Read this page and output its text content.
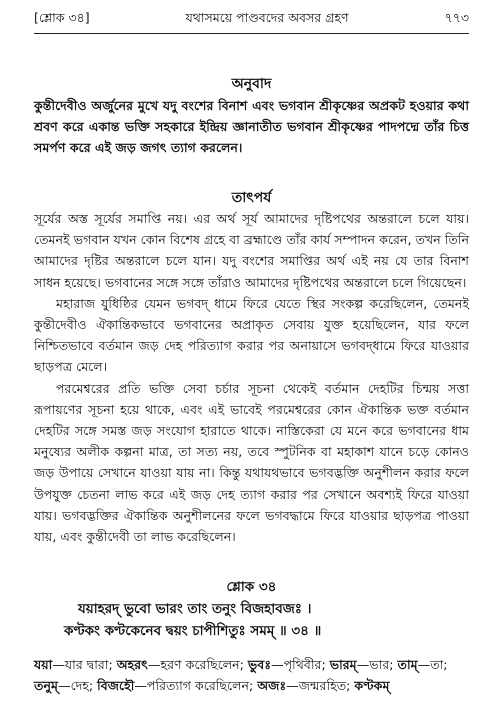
[শ্লোক ৩৪]	যথাসময়ে পাণ্ডবদের অবসর গ্রহণ	৭৭৩
অনুবাদ
কুন্তীদেবীও অর্জুনের মুখে যদু বংশের বিনাশ এবং ভগবান শ্রীকৃষ্ণের অপ্রকট হওয়ার কথা শ্রবণ করে একান্ত ভক্তি সহকারে ইন্দ্রিয় জ্ঞানাতীত ভগবান শ্রীকৃষ্ণের পাদপদ্মে তাঁর চিত্ত সমর্পণ করে এই জড় জগৎ ত্যাগ করলেন।
তাৎপর্য

সূর্যের অস্ত সূর্যের সমাপ্তি নয়। এর অর্থ সূর্য আমাদের দৃষ্টিপথের অন্তরালে চলে যায়। তেমনই ভগবান যখন কোন বিশেষ গ্রহে বা ব্রহ্মাণ্ডে তাঁর কার্য সম্পাদন করেন, তখন তিনি আমাদের দৃষ্টির অন্তরালে চলে যান। যদু বংশের সমাপ্তির অর্থ এই নয় যে তার বিনাশ সাধন হয়েছে। ভগবানের সঙ্গে সঙ্গে তাঁরাও আমাদের দৃষ্টিপথের অন্তরালে চলে গিয়েছেন।

মহারাজ যুধিষ্ঠির যেমন ভগবদ্ ধামে ফিরে যেতে স্থির সংকল্প করেছিলেন, তেমনই কুন্তীদেবীও ঐকান্তিকভাবে ভগবানের অপ্রাকৃত সেবায় যুক্ত হয়েছিলেন, যার ফলে নিশ্চিতভাবে বর্তমান জড় দেহ পরিত্যাগ করার পর অনায়াসে ভগবদ্‌ধামে ফিরে যাওয়ার ছাড়পত্র মেলে।

পরমেশ্বরের প্রতি ভক্তি সেবা চর্চার সূচনা থেকেই বর্তমান দেহটির চিন্ময় সত্তা রূপায়ণের সূচনা হয়ে থাকে, এবং এই ভাবেই পরমেশ্বরের কোন ঐকান্তিক ভক্ত বর্তমান দেহটির সঙ্গে সমস্ত জড় সংযোগ হারাতে থাকে। নাস্তিকেরা যে মনে করে ভগবানের ধাম মনুষ্যের অলীক কল্পনা মাত্র, তা সত্য নয়, তবে স্পুটনিক বা মহাকাশ যানে চড়ে কোনও জড় উপায়ে সেখানে যাওয়া যায় না। কিন্তু যথাযথভাবে ভগবদ্ভক্তি অনুশীলন করার ফলে উপযুক্ত চেতনা লাভ করে এই জড় দেহ ত্যাগ করার পর সেখানে অবশ্যই ফিরে যাওয়া যায়। ভগবদ্ভক্তির ঐকান্তিক অনুশীলনের ফলে ভগবদ্ধামে ফিরে যাওয়ার ছাড়পত্র পাওয়া যায়, এবং কুন্তীদেবী তা লাভ করেছিলেন।

শ্লোক ৩৪
যয়াহরদ্ ভুবো ভারং তাং তনুং বিজহাবজঃ ।
কণ্টকং কণ্টকেনেব দ্বয়ং চাপীশিতুঃ সমম্ ॥ ৩৪ ॥
যয়া—যার দ্বারা; অহরৎ—হরণ করেছিলেন; ভুবঃ—পৃথিবীর; ভারম্—ভার; তাম্—তা; তনুম্—দেহ; বিজহৌ—পরিত্যাগ করেছিলেন; অজঃ—জন্মরহিত; কণ্টকম্
